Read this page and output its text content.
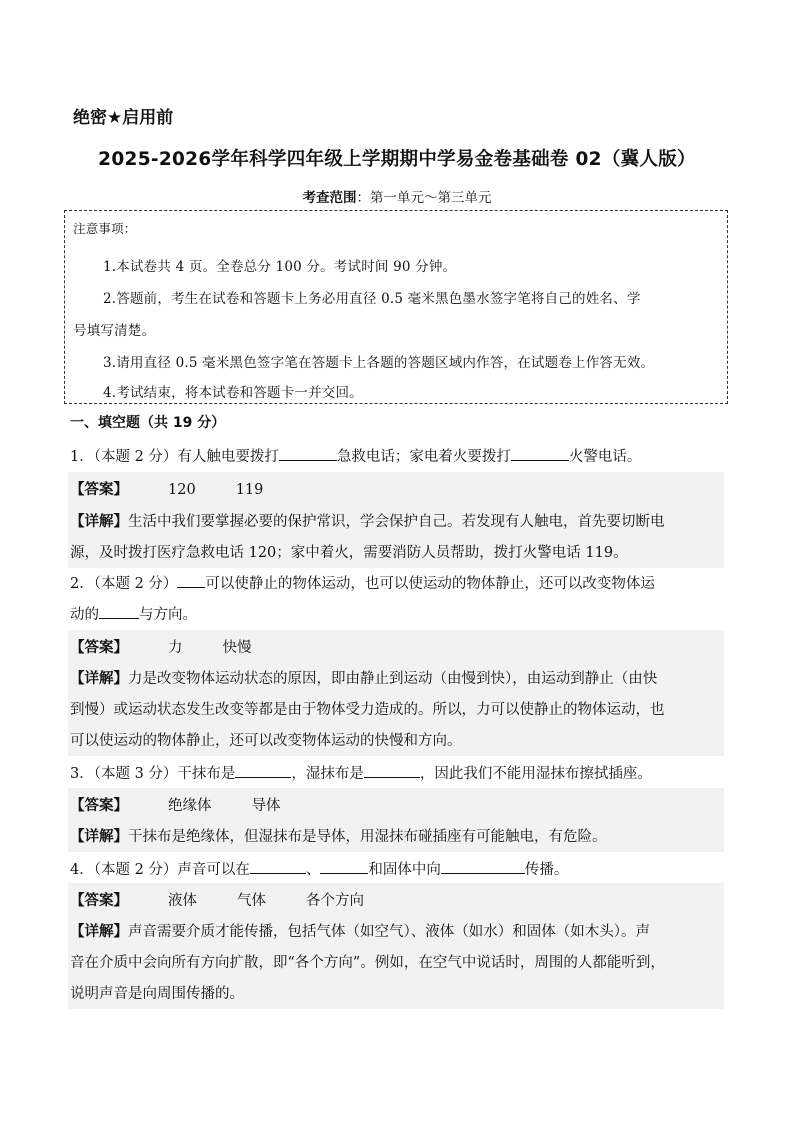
绝密★启用前
2025-2026学年科学四年级上学期期中学易金卷基础卷 02（冀人版）
考查范围：第一单元～第三单元
注意事项：
1.本试卷共 4 页。全卷总分 100 分。考试时间 90 分钟。
2.答题前，考生在试卷和答题卡上务必用直径 0.5 毫米黑色墨水签字笔将自己的姓名、学
号填写清楚。
3.请用直径 0.5 毫米黑色签字笔在答题卡上各题的答题区域内作答，在试题卷上作答无效。
4.考试结束，将本试卷和答题卡一并交回。
一、填空题（共 19 分）
1．（本题 2 分）有人触电要拨打	急救电话；家电着火要拨打	火警电话。
【答案】	120	119
【详解】生活中我们要掌握必要的保护常识，学会保护自己。若发现有人触电，首先要切断电
源，及时拨打医疗急救电话 120；家中着火，需要消防人员帮助，拨打火警电话 119。
2．（本题 2 分） 可以使静止的物体运动，也可以使运动的物体静止，还可以改变物体运
动的	与方向。
【答案】	力	快慢
【详解】力是改变物体运动状态的原因，即由静止到运动（由慢到快），由运动到静止（由快
到慢）或运动状态发生改变等都是由于物体受力造成的。所以，力可以使静止的物体运动，也
可以使运动的物体静止，还可以改变物体运动的快慢和方向。
3．（本题 3 分）干抹布是	，湿抹布是	，因此我们不能用湿抹布擦拭插座。
【答案】	绝缘体	导体
【详解】干抹布是绝缘体，但湿抹布是导体，用湿抹布碰插座有可能触电，有危险。
4．（本题 2 分）声音可以在	、	和固体中向	传播。
【答案】	液体	气体	各个方向
【详解】声音需要介质才能传播，包括气体（如空气）、液体（如水）和固体（如木头）。声
音在介质中会向所有方向扩散，即“各个方向”。例如，在空气中说话时，周围的人都能听到，
说明声音是向周围传播的。
